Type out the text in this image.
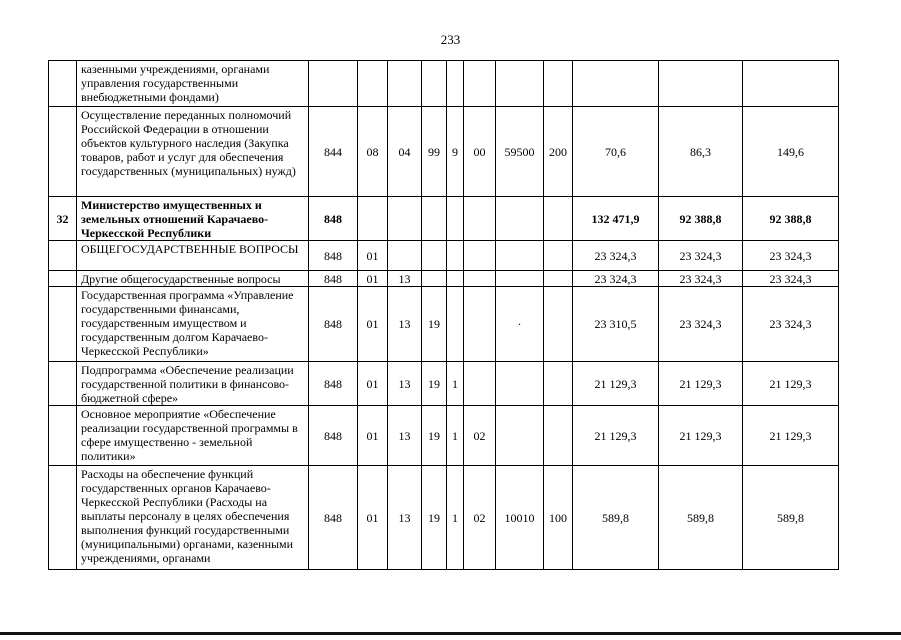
233
	казенными учреждениями, органами управления государственными внебюджетными фондами)											
	Осуществление переданных полномочий Российской Федерации в отношении объектов культурного наследия (Закупка товаров, работ и услуг для обеспечения государственных (муниципальных) нужд)	844	08	04	99	9	00	59500	200	70,6	86,3	149,6
32	Министерство имущественных и земельных отношений Карачаево-Черкесской Республики	848								132 471,9	92 388,8	92 388,8
	ОБЩЕГОСУДАРСТВЕННЫЕ ВОПРОСЫ	848	01							23 324,3	23 324,3	23 324,3
	Другие общегосударственные вопросы	848	01	13						23 324,3	23 324,3	23 324,3
	Государственная программа «Управление государственными финансами, государственным имуществом и государственным долгом Карачаево-Черкесской Республики»	848	01	13	19			·		23 310,5	23 324,3	23 324,3
	Подпрограмма «Обеспечение реализации государственной политики в финансово-бюджетной сфере»	848	01	13	19	1				21 129,3	21 129,3	21 129,3
	Основное мероприятие «Обеспечение реализации государственной программы в сфере имущественно - земельной политики»	848	01	13	19	1	02			21 129,3	21 129,3	21 129,3
	Расходы на обеспечение функций государственных органов Карачаево-Черкесской Республики (Расходы на выплаты персоналу в целях обеспечения выполнения функций государственными (муниципальными) органами, казенными учреждениями, органами	848	01	13	19	1	02	10010	100	589,8	589,8	589,8
